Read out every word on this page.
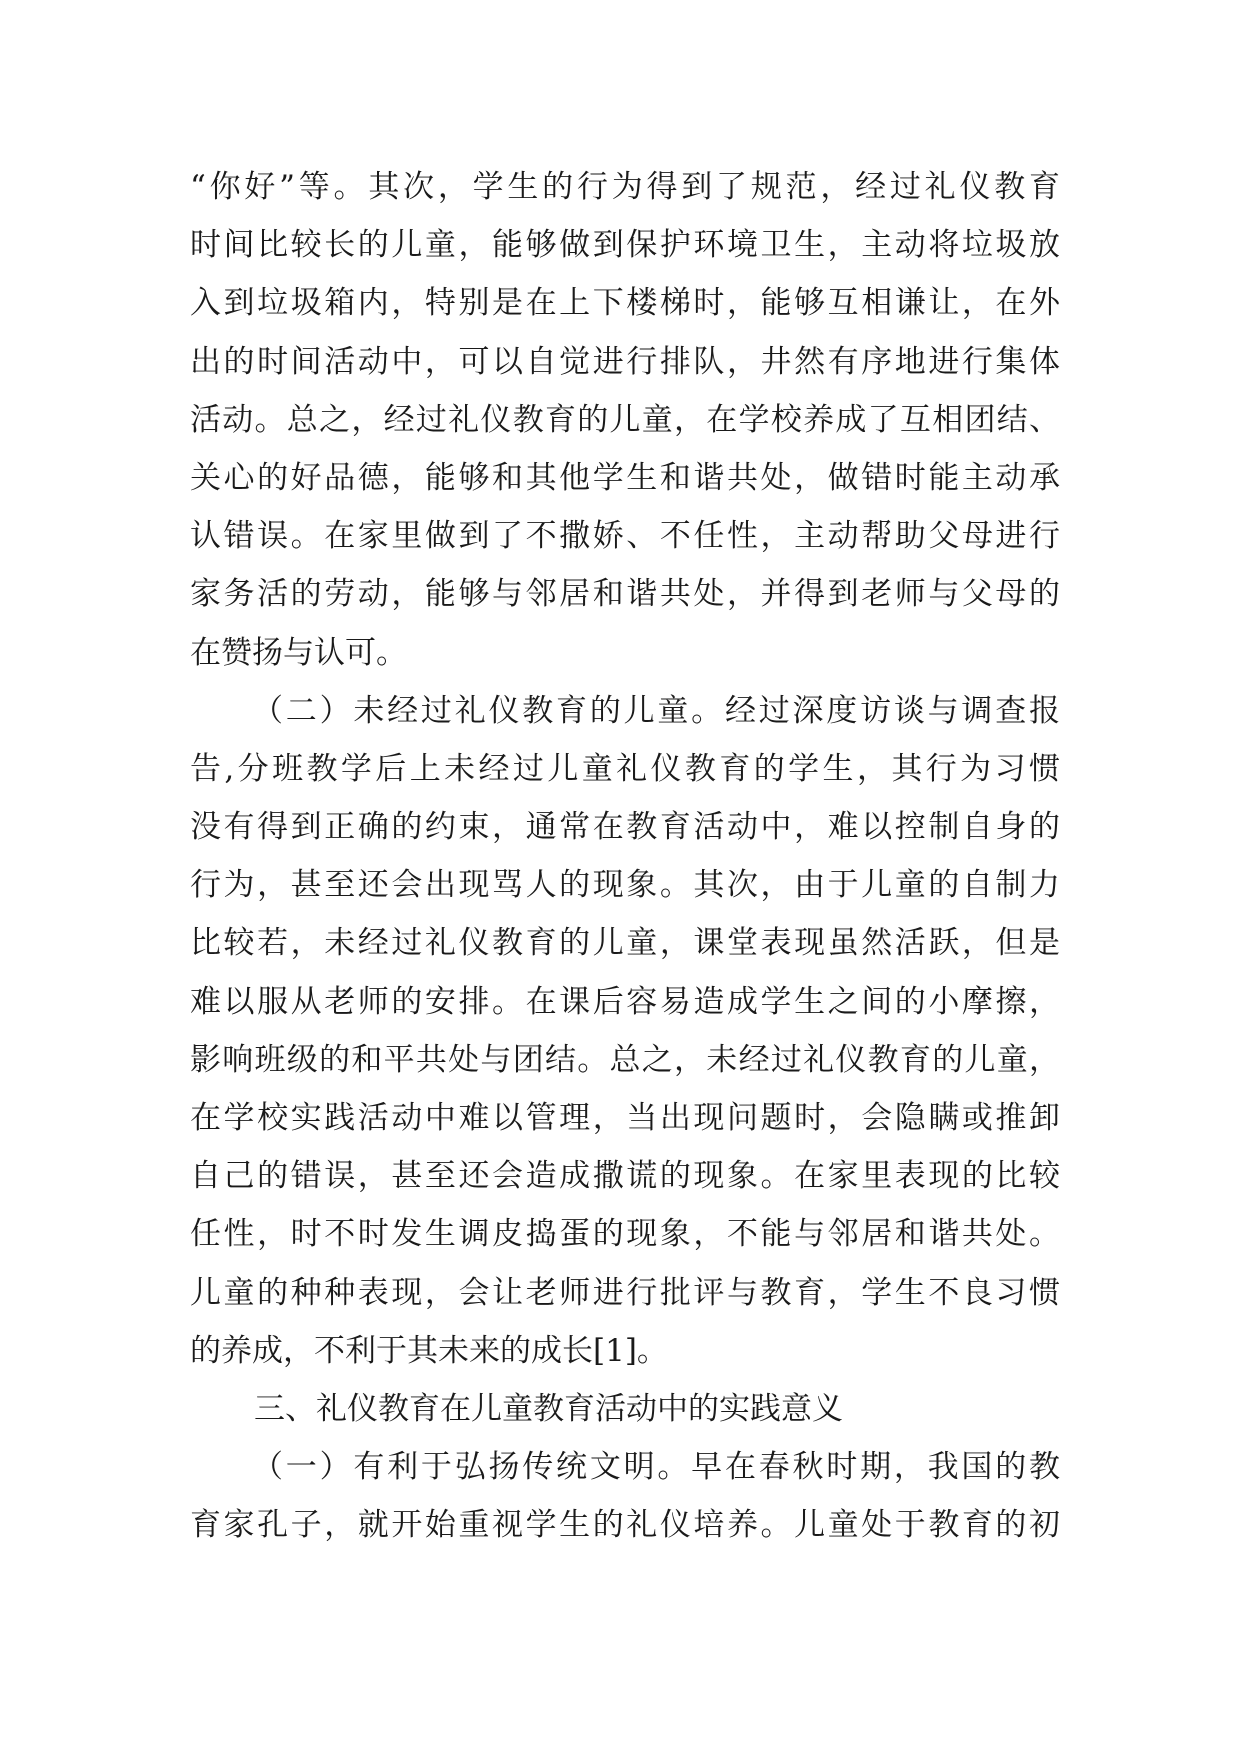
“你好”等。其次，学生的行为得到了规范，经过礼仪教育
时间比较长的儿童，能够做到保护环境卫生，主动将垃圾放
入到垃圾箱内，特别是在上下楼梯时，能够互相谦让，在外
出的时间活动中，可以自觉进行排队，井然有序地进行集体
活动。总之，经过礼仪教育的儿童，在学校养成了互相团结、
关心的好品德，能够和其他学生和谐共处，做错时能主动承
认错误。在家里做到了不撒娇、不任性，主动帮助父母进行
家务活的劳动，能够与邻居和谐共处，并得到老师与父母的
在赞扬与认可。
（二）未经过礼仪教育的儿童。经过深度访谈与调查报
告,分班教学后上未经过儿童礼仪教育的学生，其行为习惯
没有得到正确的约束，通常在教育活动中，难以控制自身的
行为，甚至还会出现骂人的现象。其次，由于儿童的自制力
比较若，未经过礼仪教育的儿童，课堂表现虽然活跃，但是
难以服从老师的安排。在课后容易造成学生之间的小摩擦，
影响班级的和平共处与团结。总之，未经过礼仪教育的儿童，
在学校实践活动中难以管理，当出现问题时，会隐瞒或推卸
自己的错误，甚至还会造成撒谎的现象。在家里表现的比较
任性，时不时发生调皮捣蛋的现象，不能与邻居和谐共处。
儿童的种种表现，会让老师进行批评与教育，学生不良习惯
的养成，不利于其未来的成长[1]。
三、礼仪教育在儿童教育活动中的实践意义
（一）有利于弘扬传统文明。早在春秋时期，我国的教
育家孔子，就开始重视学生的礼仪培养。儿童处于教育的初
